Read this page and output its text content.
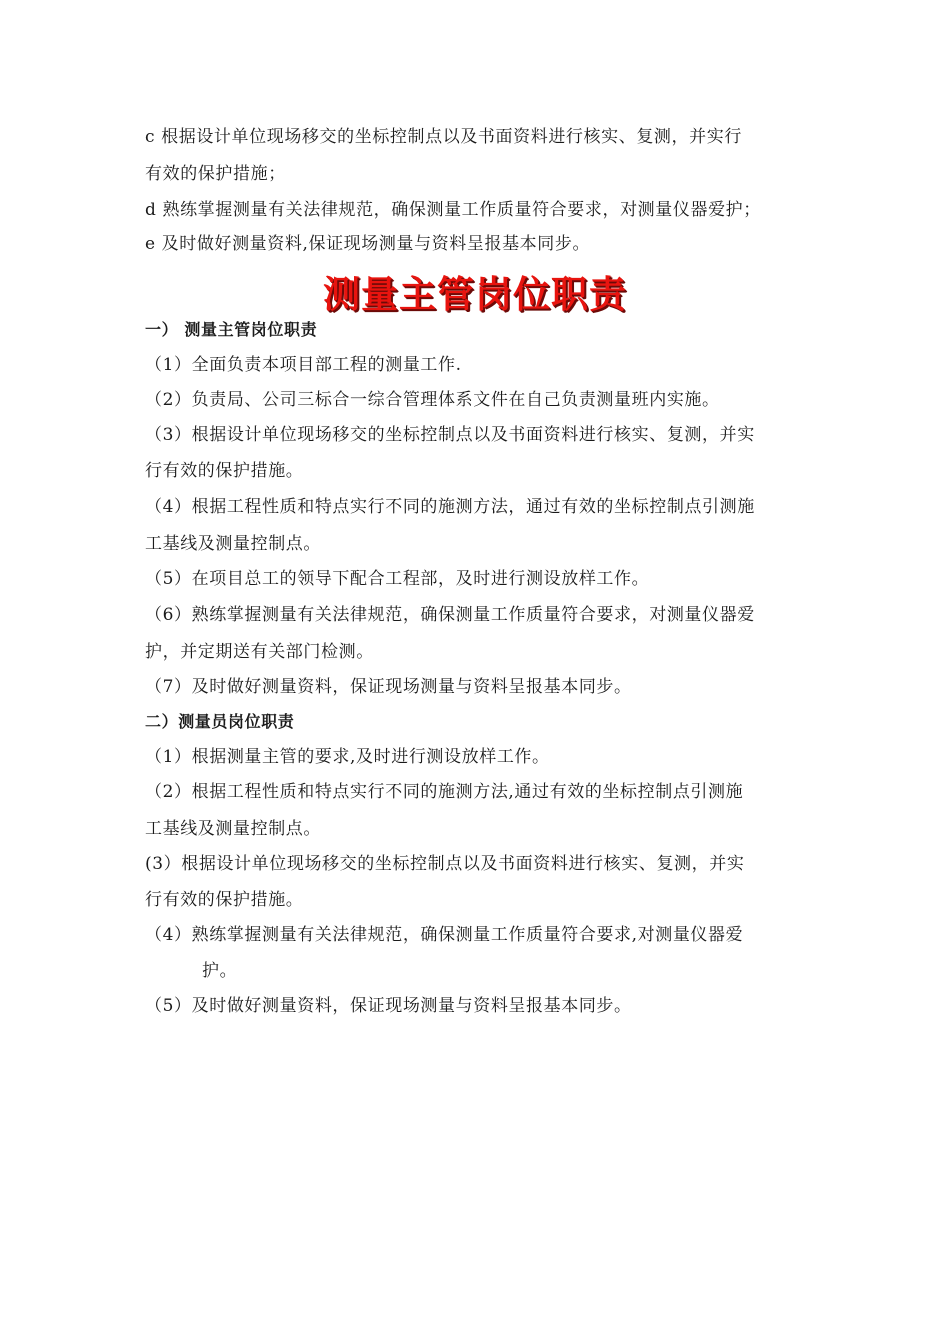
c 根据设计单位现场移交的坐标控制点以及书面资料进行核实、复测，并实行
有效的保护措施；
d 熟练掌握测量有关法律规范，确保测量工作质量符合要求，对测量仪器爱护；
e 及时做好测量资料,保证现场测量与资料呈报基本同步。
测量主管岗位职责
一） 测量主管岗位职责
（1）全面负责本项目部工程的测量工作.
（2）负责局、公司三标合一综合管理体系文件在自己负责测量班内实施。
（3）根据设计单位现场移交的坐标控制点以及书面资料进行核实、复测，并实
行有效的保护措施。
（4）根据工程性质和特点实行不同的施测方法，通过有效的坐标控制点引测施
工基线及测量控制点。
（5）在项目总工的领导下配合工程部，及时进行测设放样工作。
（6）熟练掌握测量有关法律规范，确保测量工作质量符合要求，对测量仪器爱
护，并定期送有关部门检测。
（7）及时做好测量资料，保证现场测量与资料呈报基本同步。
二）测量员岗位职责
（1）根据测量主管的要求,及时进行测设放样工作。
（2）根据工程性质和特点实行不同的施测方法,通过有效的坐标控制点引测施
工基线及测量控制点。
(3）根据设计单位现场移交的坐标控制点以及书面资料进行核实、复测，并实
行有效的保护措施。
（4）熟练掌握测量有关法律规范，确保测量工作质量符合要求,对测量仪器爱
护。
（5）及时做好测量资料，保证现场测量与资料呈报基本同步。
